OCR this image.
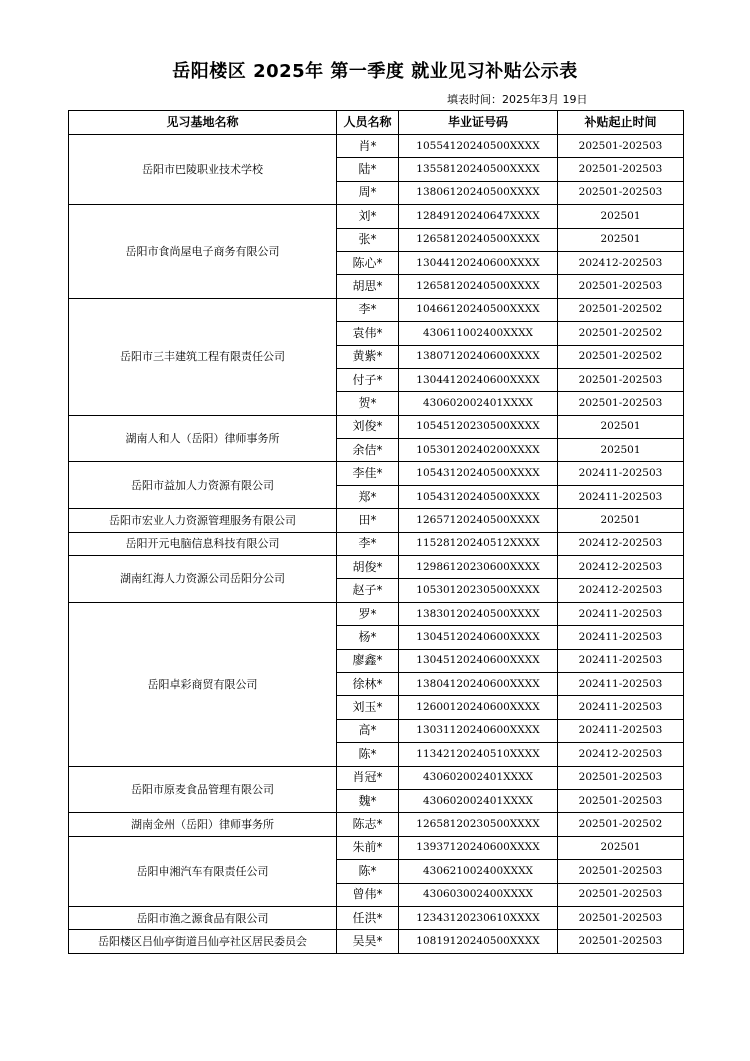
岳阳楼区 2025年 第一季度 就业见习补贴公示表
填表时间：2025年3月 19日
见习基地名称	人员名称	毕业证号码	补贴起止时间
岳阳市巴陵职业技术学校	肖*	10554120240500XXXX	202501-202503
	陆*	13558120240500XXXX	202501-202503
	周*	13806120240500XXXX	202501-202503
岳阳市食尚屋电子商务有限公司	刘*	12849120240647XXXX	202501
	张*	12658120240500XXXX	202501
	陈心*	13044120240600XXXX	202412-202503
	胡思*	12658120240500XXXX	202501-202503
岳阳市三丰建筑工程有限责任公司	李*	10466120240500XXXX	202501-202502
	袁伟*	430611002400XXXX	202501-202502
	黄紫*	13807120240600XXXX	202501-202502
	付子*	13044120240600XXXX	202501-202503
	贺*	430602002401XXXX	202501-202503
湖南人和人（岳阳）律师事务所	刘俊*	10545120230500XXXX	202501
	余佶*	10530120240200XXXX	202501
岳阳市益加人力资源有限公司	李佳*	10543120240500XXXX	202411-202503
	郑*	10543120240500XXXX	202411-202503
岳阳市宏业人力资源管理服务有限公司	田*	12657120240500XXXX	202501
岳阳开元电脑信息科技有限公司	李*	11528120240512XXXX	202412-202503
湖南红海人力资源公司岳阳分公司	胡俊*	12986120230600XXXX	202412-202503
	赵子*	10530120230500XXXX	202412-202503
岳阳卓彩商贸有限公司	罗*	13830120240500XXXX	202411-202503
	杨*	13045120240600XXXX	202411-202503
	廖鑫*	13045120240600XXXX	202411-202503
	徐林*	13804120240600XXXX	202411-202503
	刘玉*	12600120240600XXXX	202411-202503
	高*	13031120240600XXXX	202411-202503
	陈*	11342120240510XXXX	202412-202503
岳阳市原麦食品管理有限公司	肖冠*	430602002401XXXX	202501-202503
	魏*	430602002401XXXX	202501-202503
湖南金州（岳阳）律师事务所	陈志*	12658120230500XXXX	202501-202502
岳阳申湘汽车有限责任公司	朱前*	13937120240600XXXX	202501
	陈*	430621002400XXXX	202501-202503
	曾伟*	430603002400XXXX	202501-202503
岳阳市渔之源食品有限公司	任洪*	12343120230610XXXX	202501-202503
岳阳楼区吕仙亭街道吕仙亭社区居民委员会	吴昊*	10819120240500XXXX	202501-202503
